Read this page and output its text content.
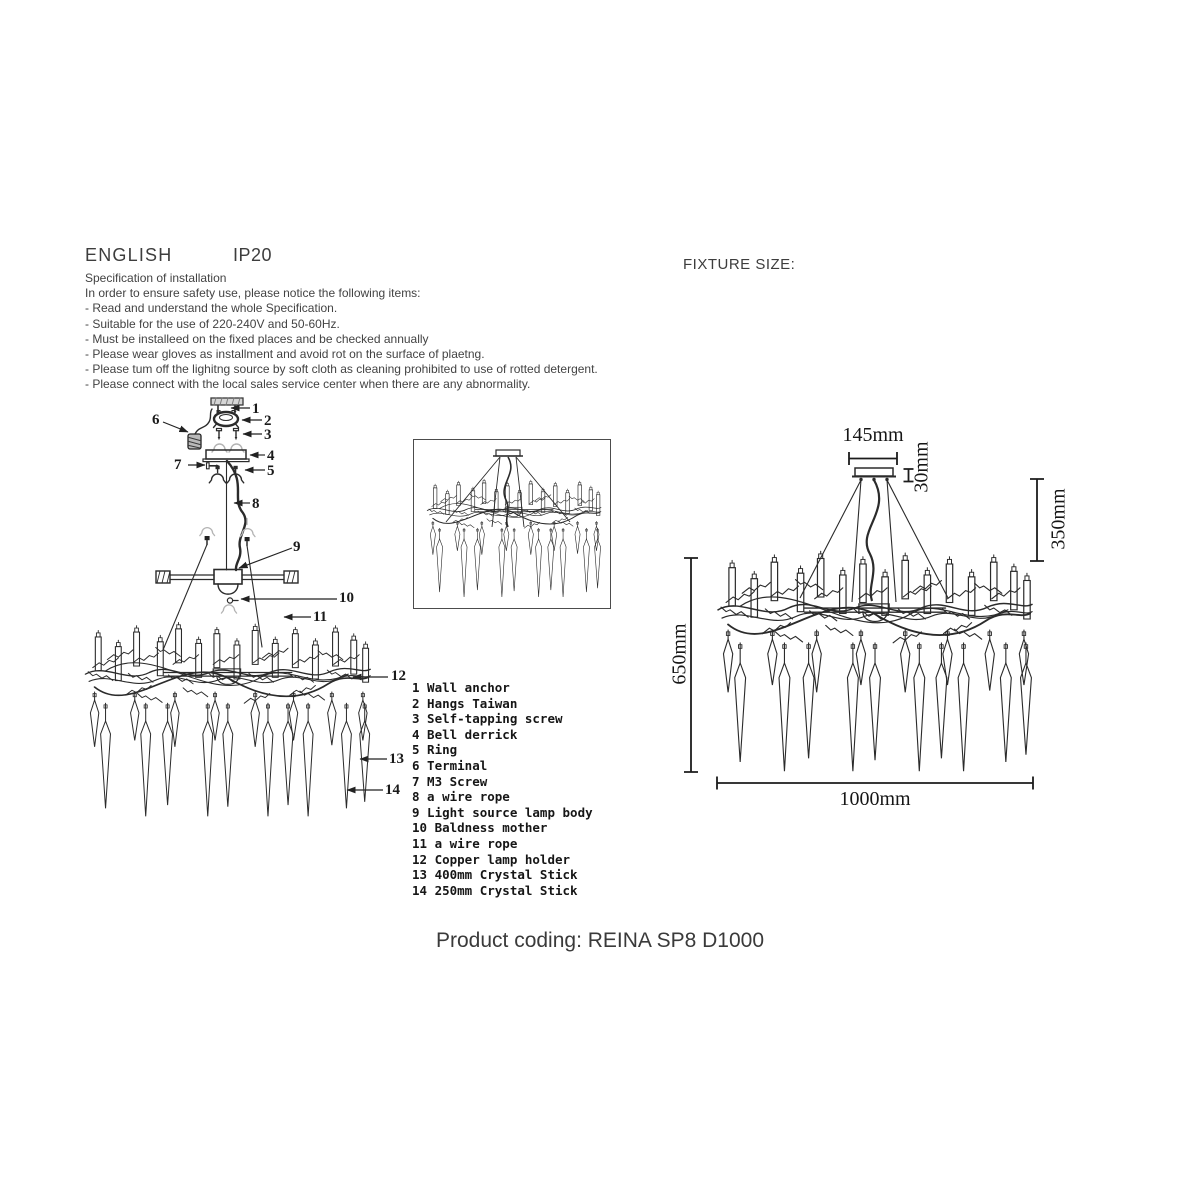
ENGLISH	IP20	FIXTURE SIZE:
Specification of installation
In order to ensure safety use, please notice the following items:
- Read and understand the whole Specification.
- Suitable for the use of 220-240V and 50-60Hz.
- Must be installeed on the fixed places and be checked annually
- Please wear gloves as installment and avoid rot on the surface of plaetng.
- Please tum off the lighitng source by soft cloth as cleaning prohibited to use of rotted detergent.
- Please connect with the local sales service center when there are any abnormality.
1 Wall anchor
2 Hangs Taiwan
3 Self-tapping screw
4 Bell derrick
5 Ring
6 Terminal
7 M3 Screw
8 a wire rope
9 Light source lamp body
10 Baldness mother
11 a wire rope
12 Copper lamp holder
13 400mm Crystal Stick
14 250mm Crystal Stick
145mm
30mm
350mm
650mm
1000mm
1
2
3
4
5
6
7
8
9
10
11
12
13
14
Product coding: REINA SP8 D1000
